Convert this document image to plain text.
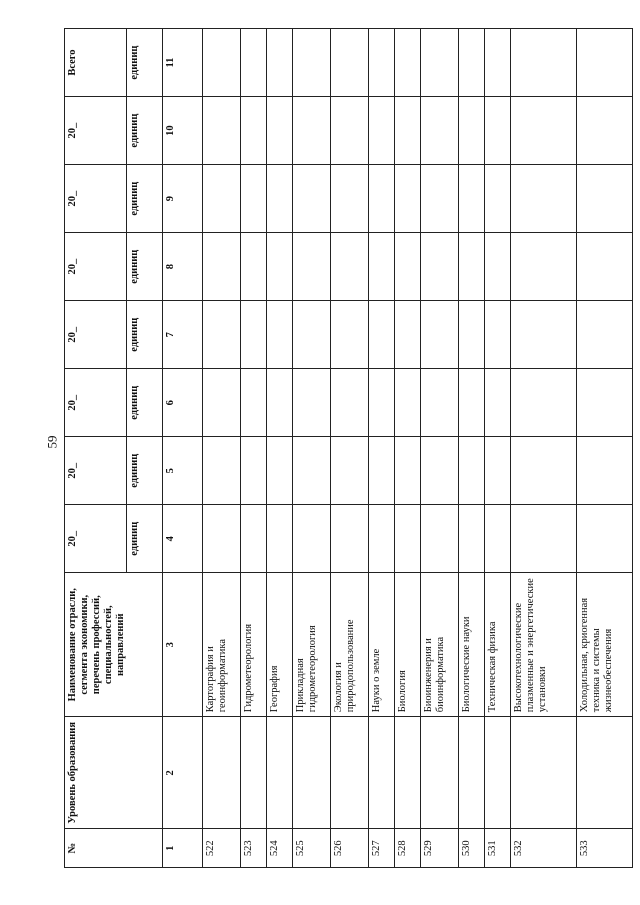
59
№	Уровень образования	Наименование отрасли, сегмента экономики, перечень профессий, специальностей, направлений	20_	20_	20_	20_	20_	20_	20_	Всего
			единиц	единиц	единиц	единиц	единиц	единиц	единиц	единиц
1	2	3	4	5	6	7	8	9	10	11
522		Картография и геоинформатика								
523		Гидрометеорология								
524		География								
525		Прикладная гидрометеорология								
526		Экология и природопользование								
527		Науки о земле								
528		Биология								
529		Биоинженерия и биоинформатика								
530		Биологические науки								
531		Техническая физика								
532		Высокотехнологические плазменные и энергетические установки								
533		Холодильная, криогенная техника и системы жизнеобеспечения								
